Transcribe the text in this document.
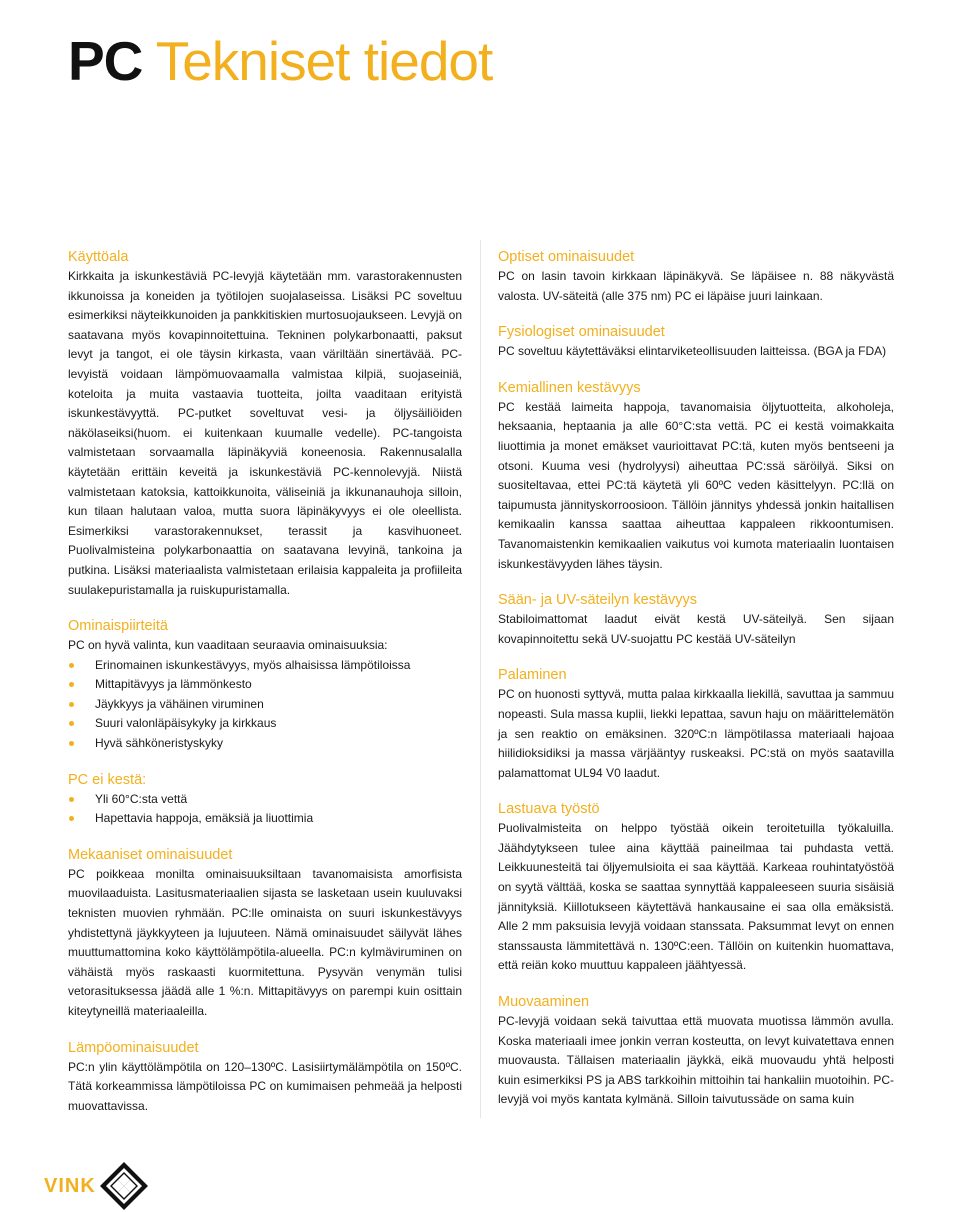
PC Tekniset tiedot
Käyttöala

Kirkkaita ja iskunkestäviä PC-levyjä käytetään mm. varastorakennusten ikkunoissa ja koneiden ja työtilojen suojalaseissa. Lisäksi PC soveltuu esimerkiksi näyteikkunoiden ja pankkitiskien murtosuojaukseen. Levyjä on saatavana myös kovapinnoitettuina. Tekninen polykarbonaatti, paksut levyt ja tangot, ei ole täysin kirkasta, vaan väriltään sinertävää. PC-levyistä voidaan lämpömuovaamalla valmistaa kilpiä, suojaseiniä, koteloita ja muita vastaavia tuotteita, joilta vaaditaan erityistä iskunkestävyyttä. PC-putket soveltuvat vesi- ja öljysäiliöiden näkölaseiksi(huom. ei kuitenkaan kuumalle vedelle). PC-tangoista valmistetaan sorvaamalla läpinäkyviä koneenosia. Rakennusalalla käytetään erittäin keveitä ja iskunkestäviä PC-kennolevyjä. Niistä valmistetaan katoksia, kattoikkunoita, väliseiniä ja ikkunanauhoja silloin, kun tilaan halutaan valoa, mutta suora läpinäkyvyys ei ole oleellista. Esimerkiksi varastorakennukset, terassit ja kasvihuoneet. Puolivalmisteina polykarbonaattia on saatavana levyinä, tankoina ja putkina. Lisäksi materiaalista valmistetaan erilaisia kappaleita ja profiileita suulakepuristamalla ja ruiskupuristamalla.

Ominaispiirteitä

PC on hyvä valinta, kun vaaditaan seuraavia ominaisuuksia:

Erinomainen iskunkestävyys, myös alhaisissa lämpötiloissa
Mittapitävyys ja lämmönkesto
Jäykkyys ja vähäinen viruminen
Suuri valonläpäisykyky ja kirkkaus
Hyvä sähköneristyskyky
PC ei kestä:
Yli 60°C:sta vettä
Hapettavia happoja, emäksiä ja liuottimia
Mekaaniset ominaisuudet

PC poikkeaa monilta ominaisuuksiltaan tavanomaisista amorfisista muovilaaduista. Lasitusmateriaalien sijasta se lasketaan usein kuuluvaksi teknisten muovien ryhmään. PC:lle ominaista on suuri iskunkestävyys yhdistettynä jäykkyyteen ja lujuuteen. Nämä ominaisuudet säilyvät lähes muuttumattomina koko käyttölämpötila-alueella. PC:n kylmäviruminen on vähäistä myös raskaasti kuormitettuna. Pysyvän venymän tulisi vetorasituksessa jäädä alle 1 %:n. Mittapitävyys on parempi kuin osittain kiteytyneillä materiaaleilla.

Lämpöominaisuudet

PC:n ylin käyttölämpötila on 120–130ºC. Lasisiirtymälämpötila on 150ºC. Tätä korkeammissa lämpötiloissa PC on kumimaisen pehmeää ja helposti muovattavissa.

Optiset ominaisuudet

PC on lasin tavoin kirkkaan läpinäkyvä. Se läpäisee n. 88 näkyvästä valosta. UV-säteitä (alle 375 nm) PC ei läpäise juuri lainkaan.

Fysiologiset ominaisuudet

PC soveltuu käytettäväksi elintarviketeollisuuden laitteissa. (BGA ja FDA)

Kemiallinen kestävyys

PC kestää laimeita happoja, tavanomaisia öljytuotteita, alkoholeja, heksaania, heptaania ja alle 60°C:sta vettä. PC ei kestä voimakkaita liuottimia ja monet emäkset vaurioittavat PC:tä, kuten myös bentseeni ja otsoni. Kuuma vesi (hydrolyysi) aiheuttaa PC:ssä säröilyä. Siksi on suositeltavaa, ettei PC:tä käytetä yli 60ºC veden käsittelyyn. PC:llä on taipumusta jännityskorroosioon. Tällöin jännitys yhdessä jonkin haitallisen kemikaalin kanssa saattaa aiheuttaa kappaleen rikkoontumisen. Tavanomaistenkin kemikaalien vaikutus voi kumota materiaalin luontaisen iskunkestävyyden lähes täysin.

Sään- ja UV-säteilyn kestävyys

Stabiloimattomat laadut eivät kestä UV-säteilyä. Sen sijaan kovapinnoitettu sekä UV-suojattu PC kestää UV-säteilyn

Palaminen

PC on huonosti syttyvä, mutta palaa kirkkaalla liekillä, savuttaa ja sammuu nopeasti. Sula massa kuplii, liekki lepattaa, savun haju on määrittelemätön ja sen reaktio on emäksinen. 320ºC:n lämpötilassa materiaali hajoaa hiilidioksidiksi ja massa värjääntyy ruskeaksi. PC:stä on myös saatavilla palamattomat UL94 V0 laadut.

Lastuava työstö

Puolivalmisteita on helppo työstää oikein teroitetuilla työkaluilla. Jäähdytykseen tulee aina käyttää paineilmaa tai puhdasta vettä. Leikkuunesteitä tai öljyemulsioita ei saa käyttää. Karkeaa rouhintatyöstöä on syytä välttää, koska se saattaa synnyttää kappaleeseen suuria sisäisiä jännityksiä. Kiillotukseen käytettävä hankausaine ei saa olla emäksistä. Alle 2 mm paksuisia levyjä voidaan stanssata. Paksummat levyt on ennen stanssausta lämmitettävä n. 130ºC:een. Tällöin on kuitenkin huomattava, että reiän koko muuttuu kappaleen jäähtyessä.

Muovaaminen

PC-levyjä voidaan sekä taivuttaa että muovata muotissa lämmön avulla. Koska materiaali imee jonkin verran kosteutta, on levyt kuivatettava ennen muovausta. Tällaisen materiaalin jäykkä, eikä muovaudu yhtä helposti kuin esimerkiksi PS ja ABS tarkkoihin mittoihin tai hankaliin muotoihin. PC-levyjä voi myös kantata kylmänä. Silloin taivutussäde on sama kuin

VINK
